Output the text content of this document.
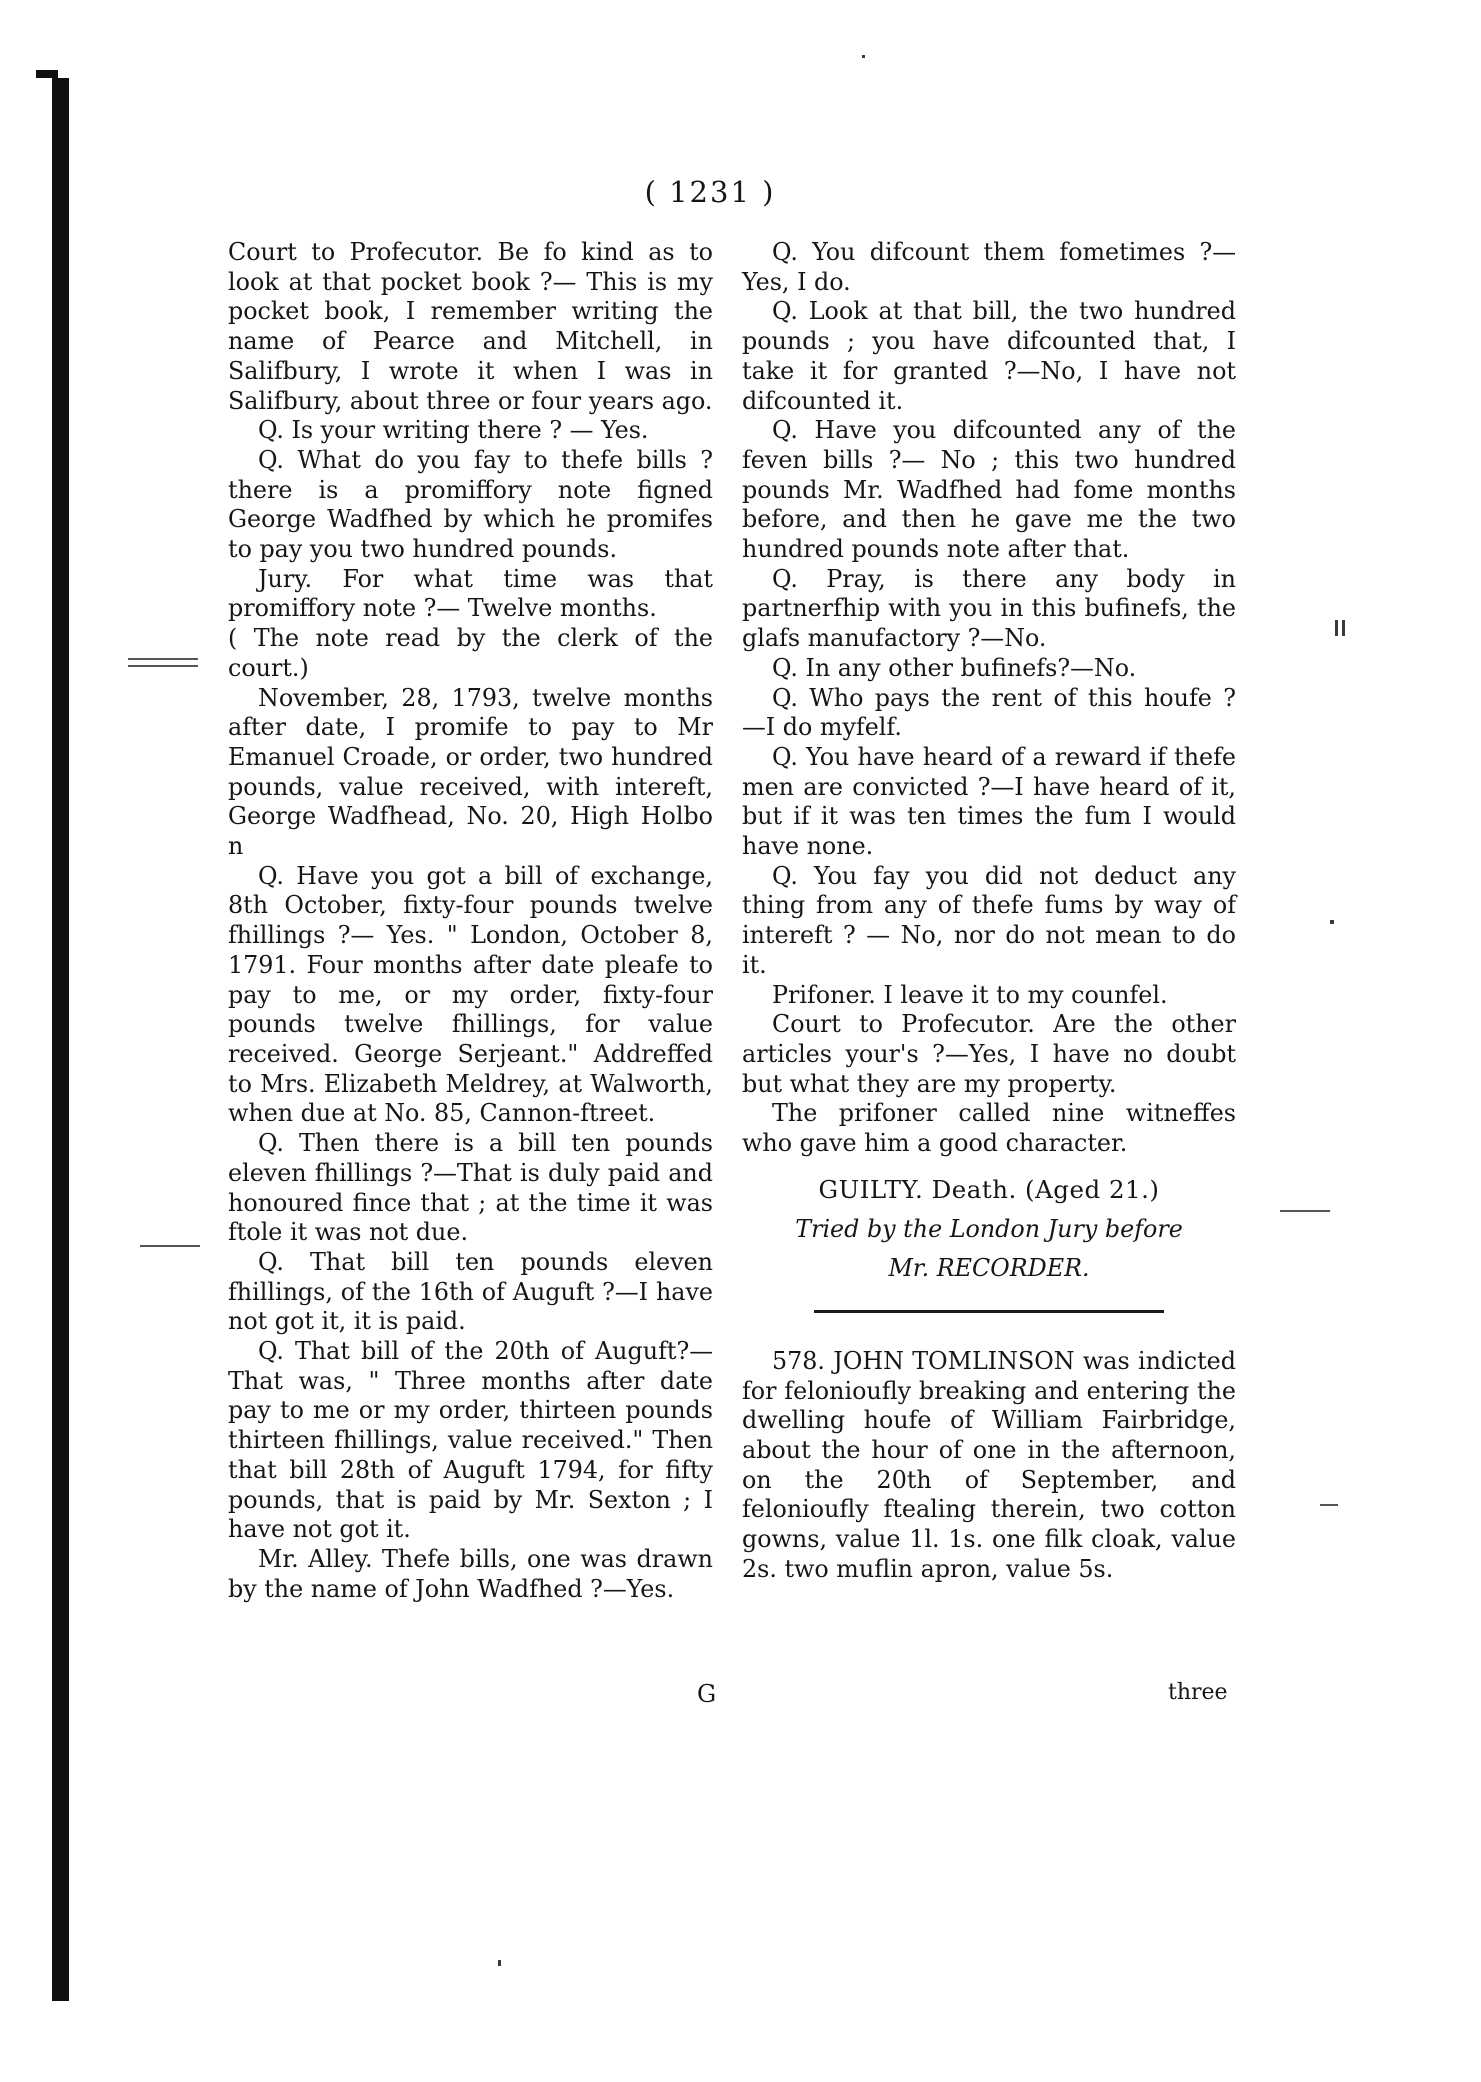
( 1231 )

Court to Profecutor. Be fo kind as to look at that pocket book ?— This is my pocket book, I remember writing the name of Pearce and Mitchell, in Salifbury, I wrote it when I was in Salifbury, about three or four years ago.

Q. Is your writing there ? — Yes.

Q. What do you fay to thefe bills ? there is a promiffory note figned George Wadfhed by which he promifes to pay you two hundred pounds.

Jury. For what time was that promiffory note ?— Twelve months.

( The note read by the clerk of the court.)

November, 28, 1793, twelve months after date, I promife to pay to Mr Emanuel Croade, or order, two hundred pounds, value received, with intereft, George Wadfhead, No. 20, High Holbo n

Q. Have you got a bill of exchange, 8th October, fixty-four pounds twelve fhillings ?— Yes. " London, October 8, 1791. Four months after date pleafe to pay to me, or my order, fixty-four pounds twelve fhillings, for value received. George Serjeant." Addreffed to Mrs. Elizabeth Meldrey, at Walworth, when due at No. 85, Cannon-ftreet.

Q. Then there is a bill ten pounds eleven fhillings ?—That is duly paid and honoured fince that ; at the time it was ftole it was not due.

Q. That bill ten pounds eleven fhillings, of the 16th of Auguft ?—I have not got it, it is paid.

Q. That bill of the 20th of Auguft?— That was, " Three months after date pay to me or my order, thirteen pounds thirteen fhillings, value received." Then that bill 28th of Auguft 1794, for fifty pounds, that is paid by Mr. Sexton ; I have not got it.

Mr. Alley. Thefe bills, one was drawn by the name of John Wadfhed ?—Yes.

Q. You difcount them fometimes ?— Yes, I do.

Q. Look at that bill, the two hundred pounds ; you have difcounted that, I take it for granted ?—No, I have not difcounted it.

Q. Have you difcounted any of the feven bills ?— No ; this two hundred pounds Mr. Wadfhed had fome months before, and then he gave me the two hundred pounds note after that.

Q. Pray, is there any body in partnerfhip with you in this bufinefs, the glafs manufactory ?—No.

Q. In any other bufinefs?—No.

Q. Who pays the rent of this houfe ? —I do myfelf.

Q. You have heard of a reward if thefe men are convicted ?—I have heard of it, but if it was ten times the fum I would have none.

Q. You fay you did not deduct any thing from any of thefe fums by way of intereft ? — No, nor do not mean to do it.

Prifoner. I leave it to my counfel.

Court to Profecutor. Are the other articles your's ?—Yes, I have no doubt but what they are my property.

The prifoner called nine witneffes who gave him a good character.

GUILTY. Death. (Aged 21.)

Tried by the London Jury before

Mr. RECORDER.

578. JOHN TOMLINSON was indicted for felonioufly breaking and entering the dwelling houfe of William Fairbridge, about the hour of one in the afternoon, on the 20th of September, and felonioufly ftealing therein, two cotton gowns, value 1l. 1s. one filk cloak, value 2s. two muflin apron, value 5s.

G	three
